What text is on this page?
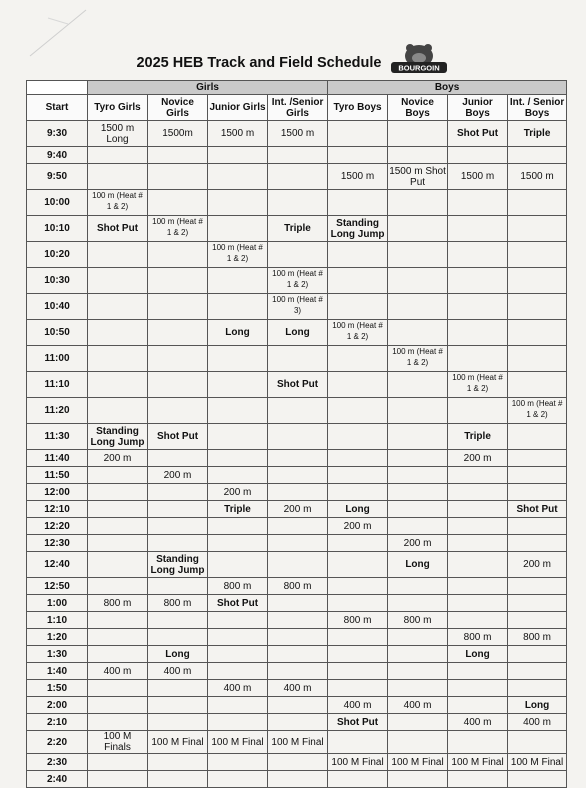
2025 HEB Track and Field Schedule BOURGOIN
	Girls				Boys			
Start	Tyro Girls	Novice Girls	Junior Girls	Int. /Senior Girls	Tyro Boys	Novice Boys	Junior Boys	Int. / Senior Boys
9:30	1500 m Long	1500m	1500 m	1500 m			Shot Put	Triple
9:40								
9:50					1500 m	1500 m Shot Put	1500 m	1500 m
10:00	100 m (Heat # 1 & 2)							
10:10	Shot Put	100 m (Heat # 1 & 2)		Triple	Standing Long Jump			
10:20			100 m (Heat # 1 & 2)					
10:30				100 m (Heat # 1 & 2)				
10:40				100 m (Heat # 3)				
10:50			Long	Long	100 m (Heat # 1 & 2)			
11:00						100 m (Heat # 1 & 2)		
11:10				Shot Put			100 m (Heat # 1 & 2)	
11:20								100 m (Heat # 1 & 2)
11:30	Standing Long Jump	Shot Put					Triple	
11:40	200 m						200 m	
11:50		200 m						
12:00			200 m					
12:10			Triple	200 m	Long			Shot Put
12:20					200 m			
12:30						200 m		
12:40		Standing Long Jump				Long		200 m
12:50			800 m	800 m				
1:00	800 m	800 m	Shot Put					
1:10					800 m	800 m		
1:20							800 m	800 m
1:30		Long					Long	
1:40	400 m	400 m						
1:50			400 m	400 m				
2:00					400 m	400 m		Long
2:10					Shot Put		400 m	400 m
2:20	100 M Finals	100 M Final	100 M Final	100 M Final				
2:30					100 M Final	100 M Final	100 M Final	100 M Final
2:40								
